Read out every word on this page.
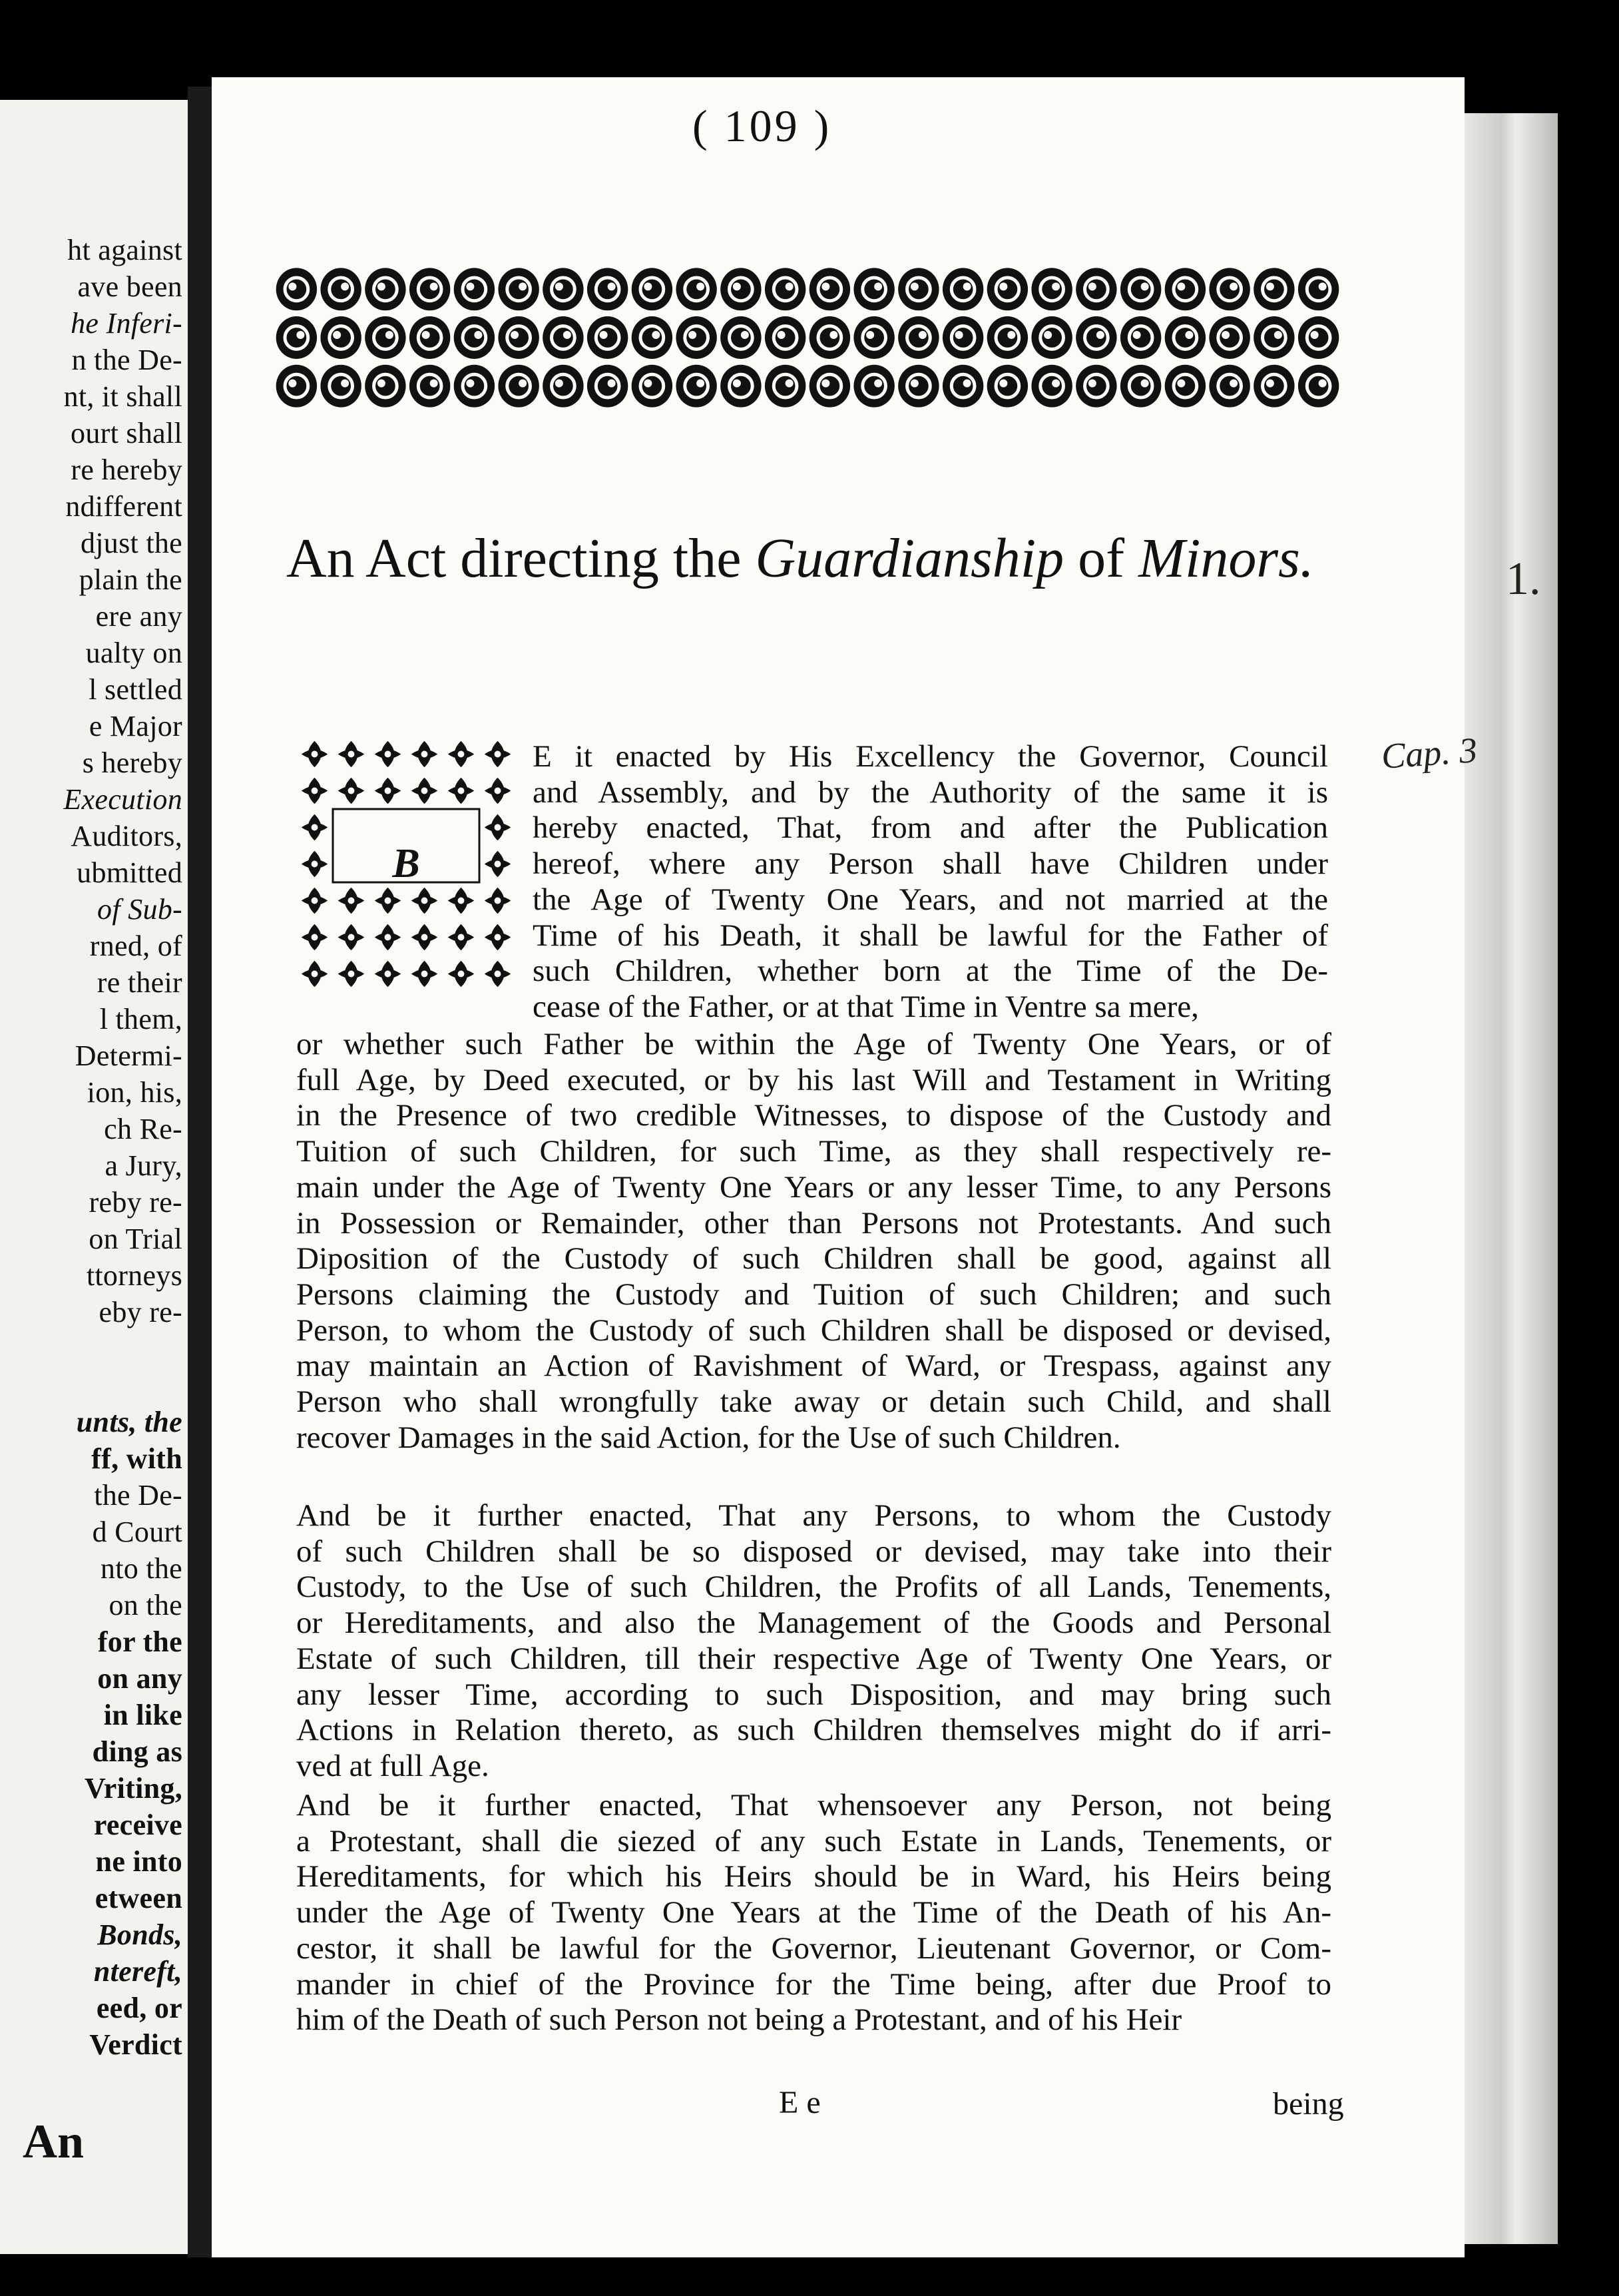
ht against
ave been
he Inferi-
n the De-
nt, it shall
ourt shall
re hereby
ndifferent
djust the
plain the
ere any
ualty on
l settled
e Major
s hereby
Execution
Auditors,
ubmitted
of Sub-
rned, of
re their
l them,
Determi-
ion, his,
ch Re-
a Jury,
reby re-
on Trial
ttorneys
eby re-
unts, the
ff, with
the De-
d Court
nto the
on the
for the
on any
in like
ding as
Vriting,
receive
ne into
etween
Bonds,
ntereft,
eed, or
Verdict

An

( 109 )
An Act directing the Guardianship of Minors.
B
E it enacted by His Excellency the Governor, Council
and Assembly, and by the Authority of the same it is
hereby enacted, That, from and after the Publication
hereof, where any Person shall have Children under
the Age of Twenty One Years, and not married at the
Time of his Death, it shall be lawful for the Father of
such Children, whether born at the Time of the De-
cease of the Father, or at that Time in Ventre sa mere,
or whether such Father be within the Age of Twenty One Years, or of
full Age, by Deed executed, or by his last Will and Testament in Writing
in the Presence of two credible Witnesses, to dispose of the Custody and
Tuition of such Children, for such Time, as they shall respectively re-
main under the Age of Twenty One Years or any lesser Time, to any Persons
in Possession or Remainder, other than Persons not Protestants. And such
Diposition of the Custody of such Children shall be good, against all
Persons claiming the Custody and Tuition of such Children; and such
Person, to whom the Custody of such Children shall be disposed or devised,
may maintain an Action of Ravishment of Ward, or Trespass, against any
Person who shall wrongfully take away or detain such Child, and shall
recover Damages in the said Action, for the Use of such Children.
And be it further enacted, That any Persons, to whom the Custody
of such Children shall be so disposed or devised, may take into their
Custody, to the Use of such Children, the Profits of all Lands, Tenements,
or Hereditaments, and also the Management of the Goods and Personal
Estate of such Children, till their respective Age of Twenty One Years, or
any lesser Time, according to such Disposition, and may bring such
Actions in Relation thereto, as such Children themselves might do if arri-
ved at full Age.
And be it further enacted, That whensoever any Person, not being
a Protestant, shall die siezed of any such Estate in Lands, Tenements, or
Hereditaments, for which his Heirs should be in Ward, his Heirs being
under the Age of Twenty One Years at the Time of the Death of his An-
cestor, it shall be lawful for the Governor, Lieutenant Governor, or Com-
mander in chief of the Province for the Time being, after due Proof to
him of the Death of such Person not being a Protestant, and of his Heir

E e	being

Cap. 3

1.
